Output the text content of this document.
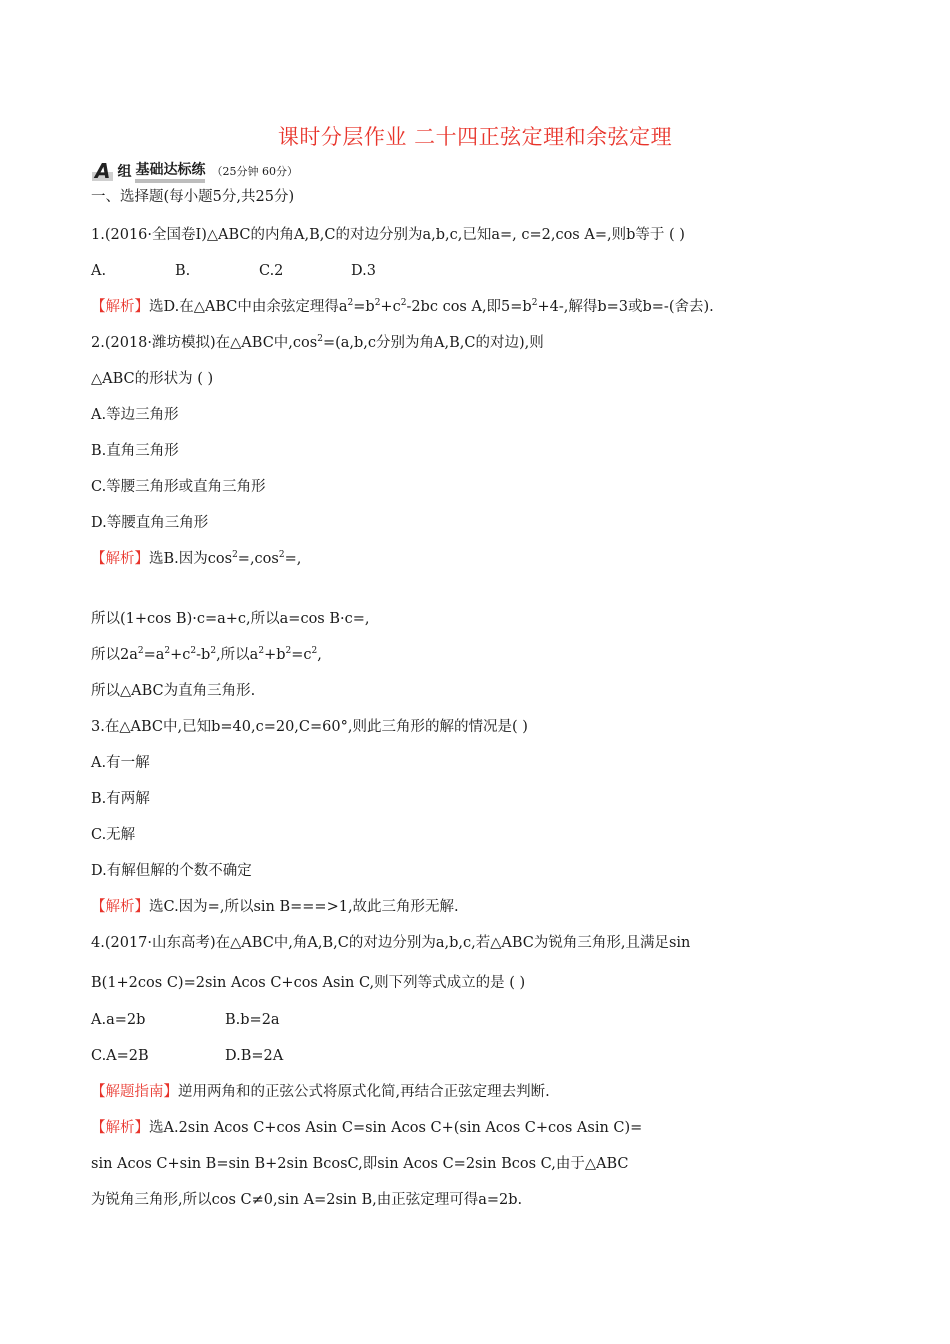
课时分层作业 二十四正弦定理和余弦定理
A 组 基础达标练 （25分钟 60分）
一、选择题(每小题5分,共25分)
1.(2016·全国卷Ⅰ)△ABC的内角A,B,C的对边分别为a,b,c,已知a=, c=2,cos A=,则b等于 ( )
A.	B.	C.2	D.3
【解析】选D.在△ABC中由余弦定理得$a^2=b^2+c^2-2bc$ cos A,即$5=b^2+4-$,解得b=3或b=-(舍去).
2.(2018·潍坊模拟)在△ABC中$,\cos^2=(a,b,c$分别为角A,B,C的对边),则
△ABC的形状为 ( )
A.等边三角形
B.直角三角形
C.等腰三角形或直角三角形
D.等腰直角三角形
【解析】选B.因为$\cos^2=,\cos^2=$,
所以(1+cos B)·c=a+c,所以a=cos B·c=,
所以$2a^2=a^2+c^2-b^2$,所以$a^2+b^2=c^2$,
所以△ABC为直角三角形.
3.在△ABC中,已知b=40,c=20,C=60°,则此三角形的解的情况是( )
A.有一解
B.有两解
C.无解
D.有解但解的个数不确定
【解析】选C.因为=,所以sin B===>1,故此三角形无解.
4.(2017·山东高考)在△ABC中,角A,B,C的对边分别为a,b,c,若△ABC为锐角三角形,且满足sin
B(1+2cos C)=2sin Acos C+cos Asin C,则下列等式成立的是 ( )
A.a=2b	B.b=2a
C.A=2B	D.B=2A
【解题指南】逆用两角和的正弦公式将原式化简,再结合正弦定理去判断.
【解析】选A.2sin Acos C+cos Asin C=sin Acos C+(sin Acos C+cos Asin C)=
sin Acos C+sin B=sin B+2sin BcosC,即sin Acos C=2sin Bcos C,由于△ABC
为锐角三角形,所以cos C≠0,sin A=2sin B,由正弦定理可得a=2b.
